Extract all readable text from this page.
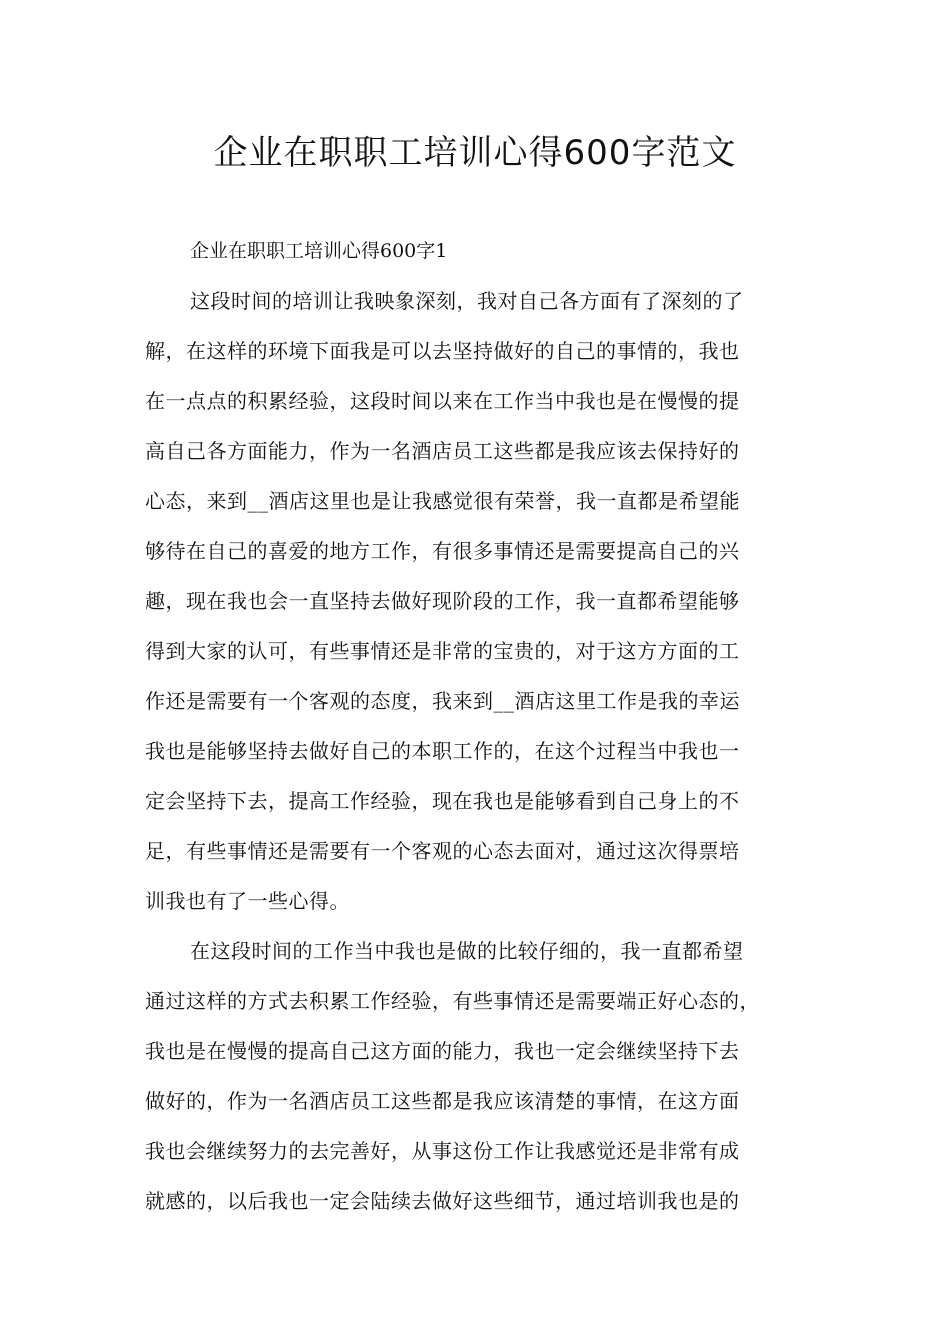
企业在职职工培训心得600字范文

企业在职职工培训心得600字1

这段时间的培训让我映象深刻，我对自己各方面有了深刻的了
解，在这样的环境下面我是可以去坚持做好的自己的事情的，我也
在一点点的积累经验，这段时间以来在工作当中我也是在慢慢的提
高自己各方面能力，作为一名酒店员工这些都是我应该去保持好的
心态，来到__酒店这里也是让我感觉很有荣誉，我一直都是希望能
够待在自己的喜爱的地方工作，有很多事情还是需要提高自己的兴
趣，现在我也会一直坚持去做好现阶段的工作，我一直都希望能够
得到大家的认可，有些事情还是非常的宝贵的，对于这方方面的工
作还是需要有一个客观的态度，我来到__酒店这里工作是我的幸运
我也是能够坚持去做好自己的本职工作的，在这个过程当中我也一
定会坚持下去，提高工作经验，现在我也是能够看到自己身上的不
足，有些事情还是需要有一个客观的心态去面对，通过这次得票培
训我也有了一些心得。
在这段时间的工作当中我也是做的比较仔细的，我一直都希望
通过这样的方式去积累工作经验，有些事情还是需要端正好心态的，
我也是在慢慢的提高自己这方面的能力，我也一定会继续坚持下去
做好的，作为一名酒店员工这些都是我应该清楚的事情，在这方面
我也会继续努力的去完善好，从事这份工作让我感觉还是非常有成
就感的，以后我也一定会陆续去做好这些细节，通过培训我也是的
